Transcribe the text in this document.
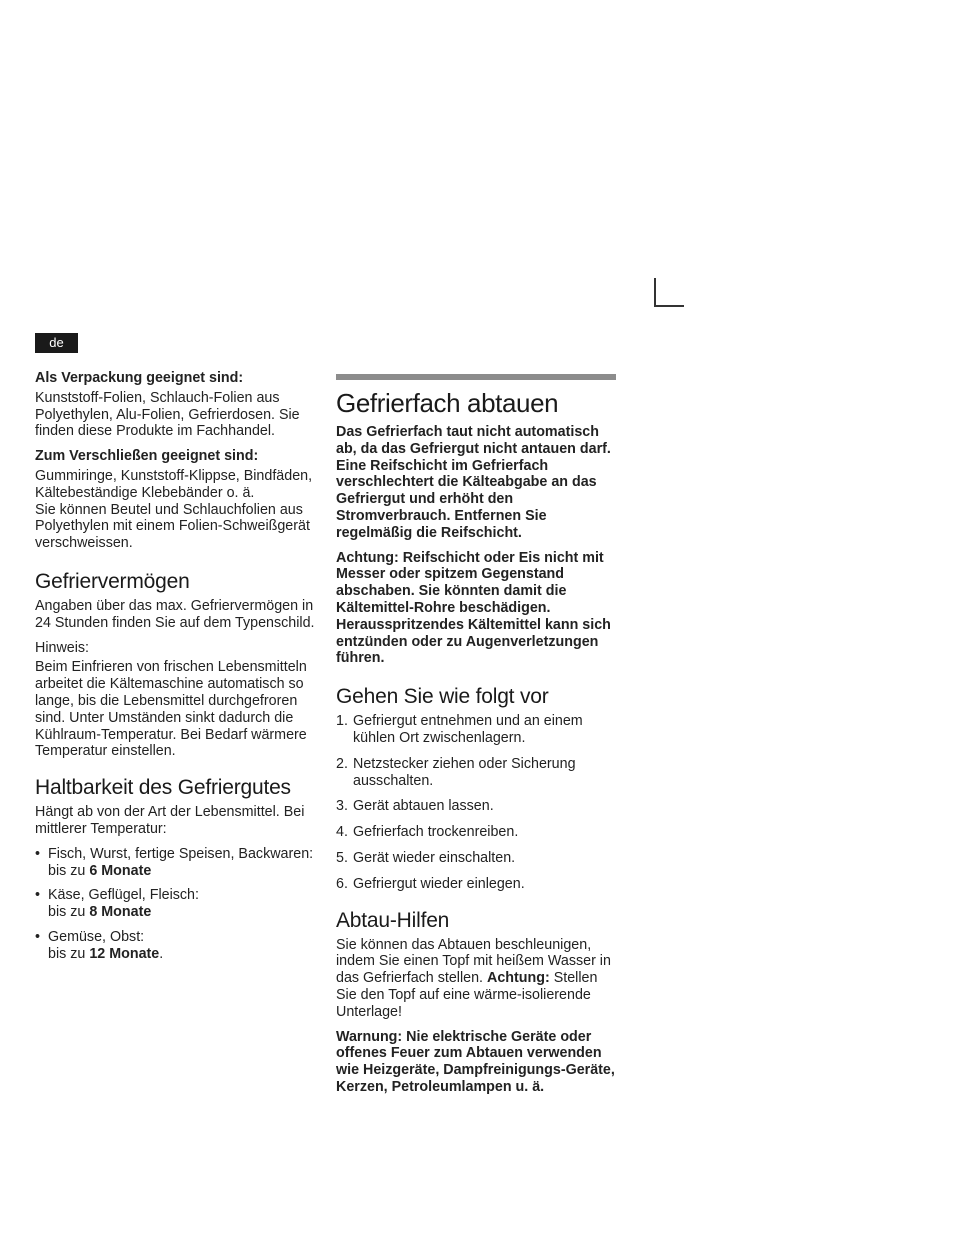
de

Als Verpackung geeignet sind:

Kunststoff-Folien, Schlauch-Folien aus Polyethylen, Alu-Folien, Gefrierdosen. Sie finden diese Produkte im Fachhandel.

Zum Verschließen geeignet sind:

Gummiringe, Kunststoff-Klippse, Bindfäden, Kältebeständige Klebebänder o. ä.

Sie können Beutel und Schlauchfolien aus Polyethylen mit einem Folien-Schweißgerät verschweissen.

Gefriervermögen

Angaben über das max. Gefriervermögen in 24 Stunden finden Sie auf dem Typenschild.

Hinweis:

Beim Einfrieren von frischen Lebensmitteln arbeitet die Kältemaschine automatisch so lange, bis die Lebensmittel durchgefroren sind. Unter Umständen sinkt dadurch die Kühlraum-Temperatur. Bei Bedarf wärmere Temperatur einstellen.

Haltbarkeit des Gefriergutes

Hängt ab von der Art der Lebensmittel. Bei mittlerer Temperatur:

• Fisch, Wurst, fertige Speisen, Backwaren:
bis zu 6 Monate
• Käse, Geflügel, Fleisch:
bis zu 8 Monate
• Gemüse, Obst:
bis zu 12 Monate.
Gefrierfach abtauen

Das Gefrierfach taut nicht automatisch ab, da das Gefriergut nicht antauen darf. Eine Reifschicht im Gefrierfach verschlechtert die Kälteabgabe an das Gefriergut und erhöht den Stromverbrauch. Entfernen Sie regelmäßig die Reifschicht.

Achtung: Reifschicht oder Eis nicht mit Messer oder spitzem Gegenstand abschaben. Sie könnten damit die Kältemittel-Rohre beschädigen. Herausspritzendes Kältemittel kann sich entzünden oder zu Augenverletzungen führen.

Gehen Sie wie folgt vor
1. Gefriergut entnehmen und an einem kühlen Ort zwischenlagern.
2. Netzstecker ziehen oder Sicherung ausschalten.
3. Gerät abtauen lassen.
4. Gefrierfach trockenreiben.
5. Gerät wieder einschalten.
6. Gefriergut wieder einlegen.
Abtau-Hilfen

Sie können das Abtauen beschleunigen, indem Sie einen Topf mit heißem Wasser in das Gefrierfach stellen. Achtung: Stellen Sie den Topf auf eine wärme-isolierende Unterlage!

Warnung: Nie elektrische Geräte oder offenes Feuer zum Abtauen verwenden wie Heizgeräte, Dampfreinigungs-Geräte, Kerzen, Petroleumlampen u. ä.
